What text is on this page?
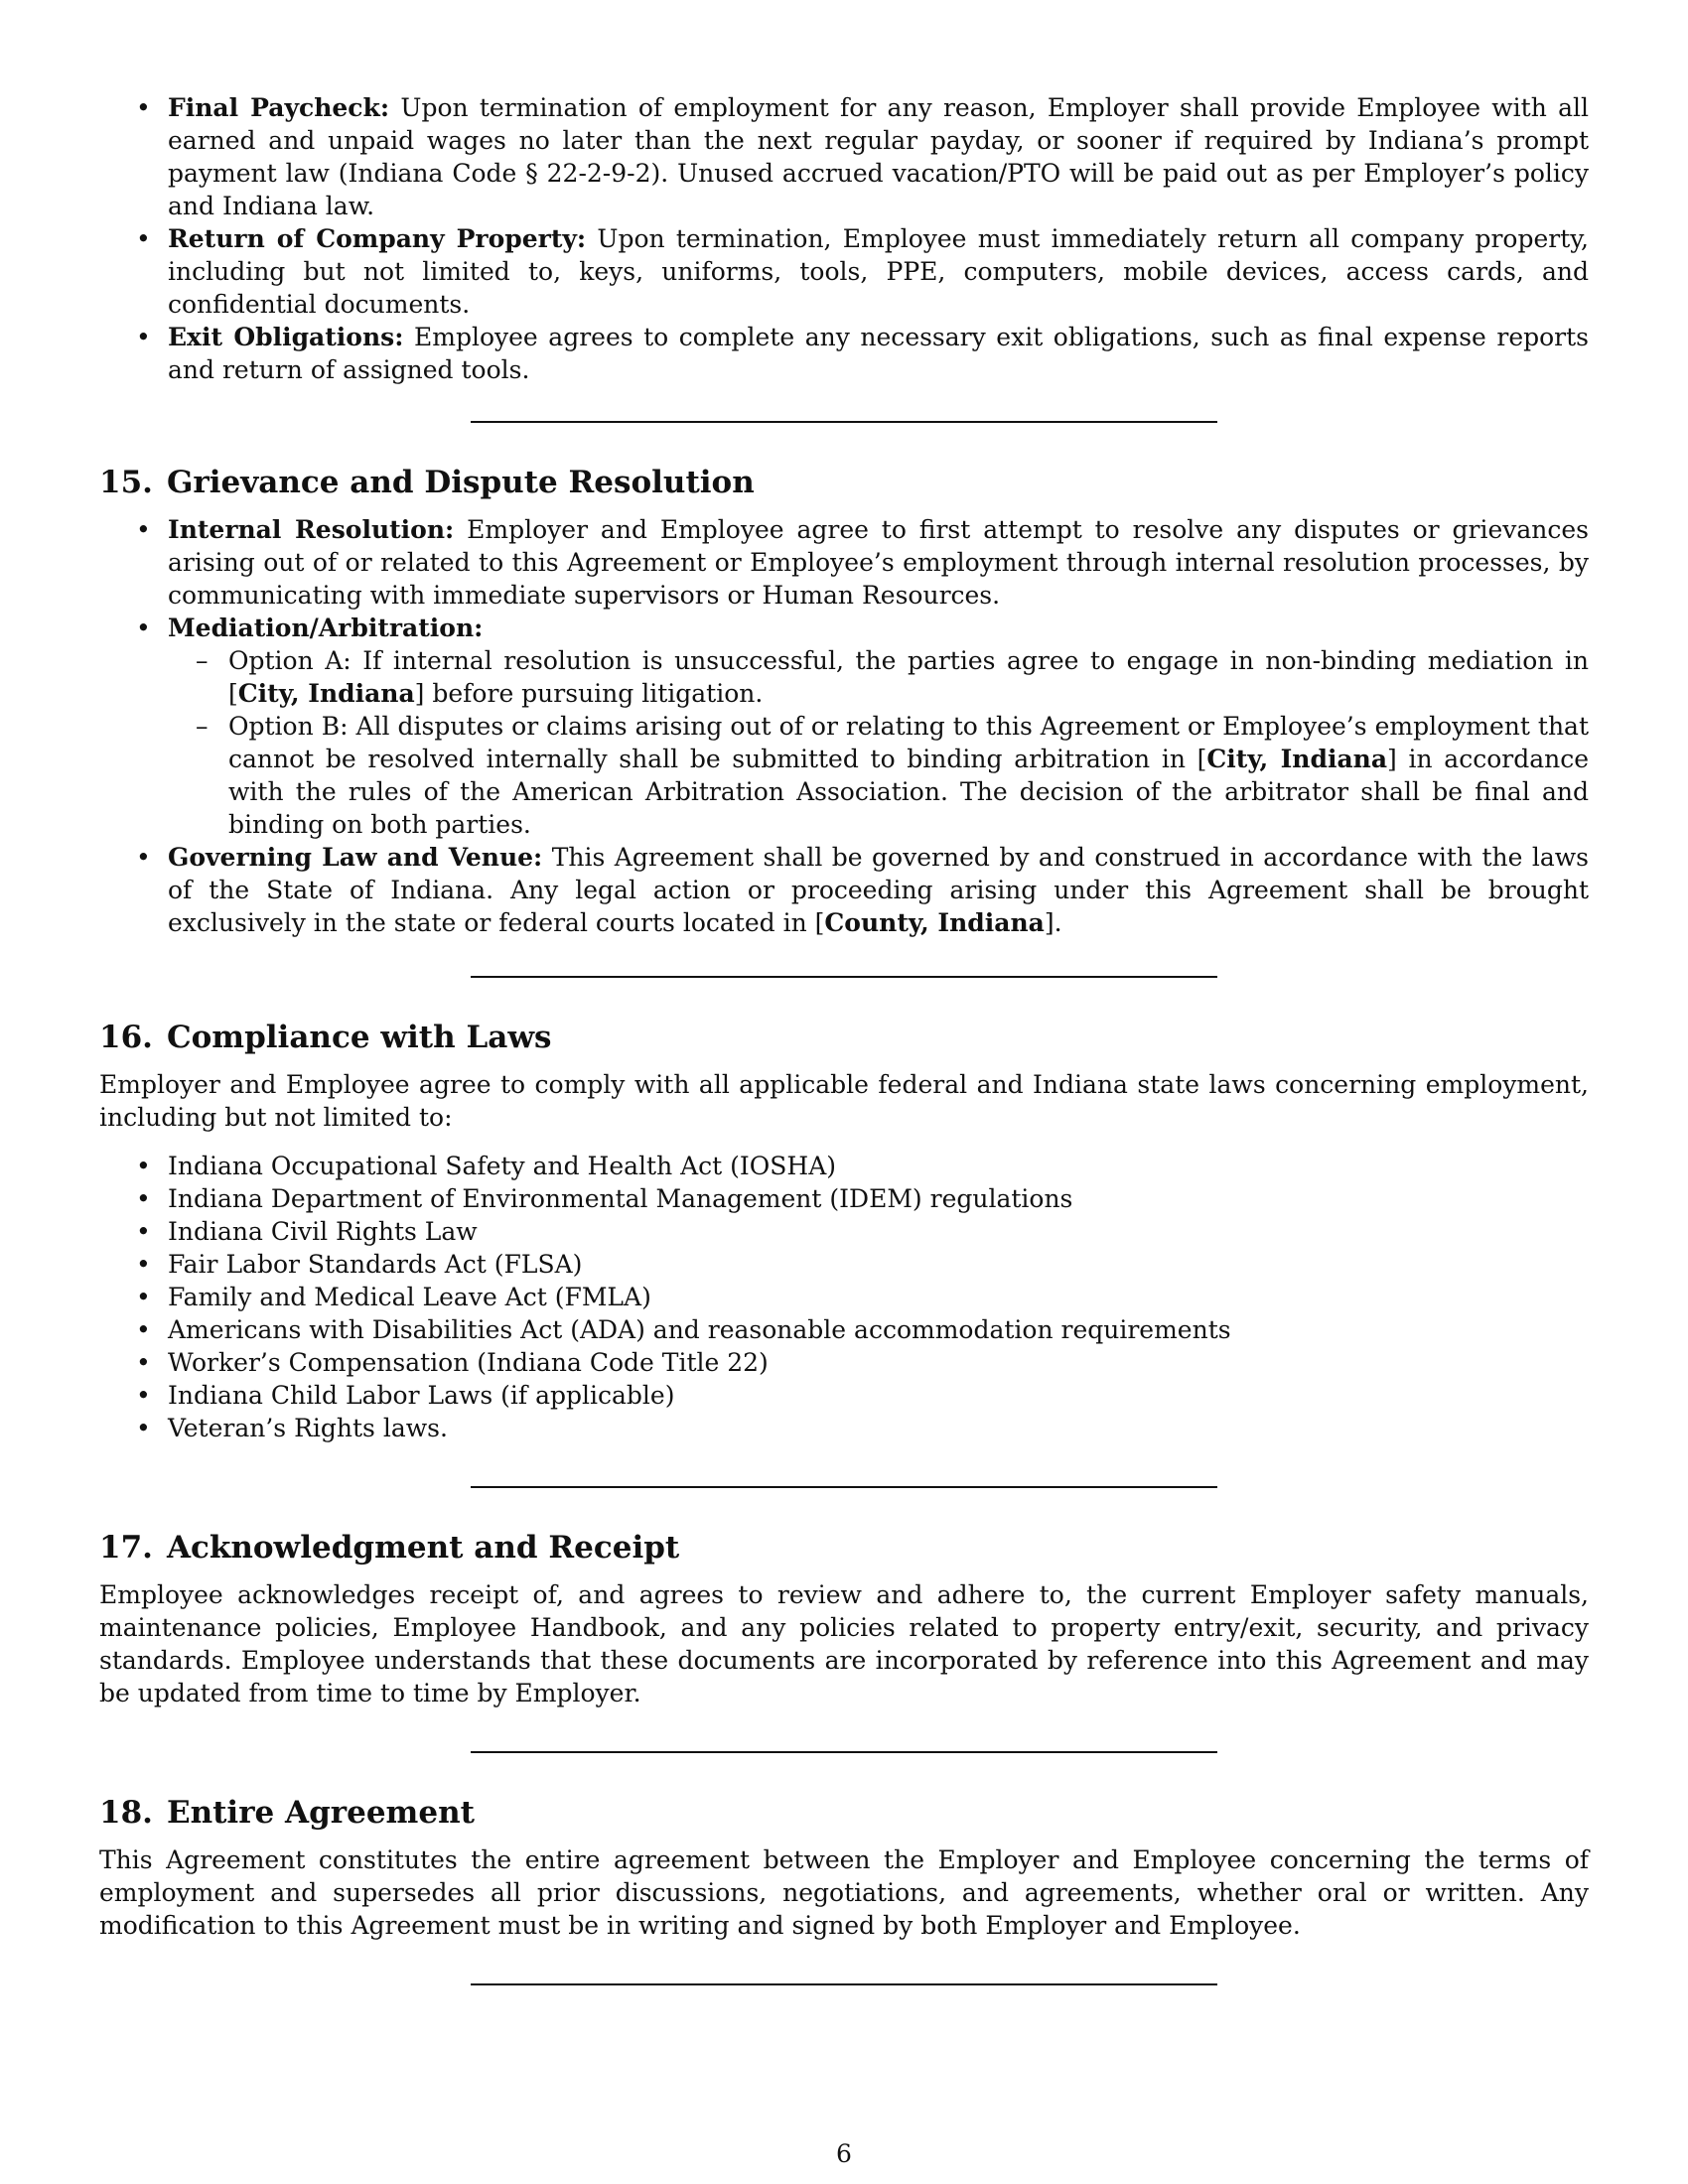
• Final Paycheck: Upon termination of employment for any reason, Employer shall provide Employee with all earned and unpaid wages no later than the next regular payday, or sooner if required by Indiana’s prompt payment law (Indiana Code § 22-2-9-2). Unused accrued vacation/PTO will be paid out as per Employer’s policy and Indiana law.
• Return of Company Property: Upon termination, Employee must immediately return all company property, including but not limited to, keys, uniforms, tools, PPE, computers, mobile devices, access cards, and confidential documents.
• Exit Obligations: Employee agrees to complete any necessary exit obligations, such as final expense reports and return of assigned tools.
15. Grievance and Dispute Resolution
• Internal Resolution: Employer and Employee agree to first attempt to resolve any disputes or grievances arising out of or related to this Agreement or Employee’s employment through internal resolution processes, by communicating with immediate supervisors or Human Resources.
• Mediation/Arbitration:
– Option A: If internal resolution is unsuccessful, the parties agree to engage in non-binding mediation in [City, Indiana] before pursuing litigation.
– Option B: All disputes or claims arising out of or relating to this Agreement or Employee’s employment that cannot be resolved internally shall be submitted to binding arbitration in [City, Indiana] in accordance with the rules of the American Arbitration Association. The decision of the arbitrator shall be final and binding on both parties.
• Governing Law and Venue: This Agreement shall be governed by and construed in accordance with the laws of the State of Indiana. Any legal action or proceeding arising under this Agreement shall be brought exclusively in the state or federal courts located in [County, Indiana].
16. Compliance with Laws

Employer and Employee agree to comply with all applicable federal and Indiana state laws concerning employment, including but not limited to:

• Indiana Occupational Safety and Health Act (IOSHA)
• Indiana Department of Environmental Management (IDEM) regulations
• Indiana Civil Rights Law
• Fair Labor Standards Act (FLSA)
• Family and Medical Leave Act (FMLA)
• Americans with Disabilities Act (ADA) and reasonable accommodation requirements
• Worker’s Compensation (Indiana Code Title 22)
• Indiana Child Labor Laws (if applicable)
• Veteran’s Rights laws.
17. Acknowledgment and Receipt

Employee acknowledges receipt of, and agrees to review and adhere to, the current Employer safety manuals, maintenance policies, Employee Handbook, and any policies related to property entry/exit, security, and privacy standards. Employee understands that these documents are incorporated by reference into this Agreement and may be updated from time to time by Employer.

18. Entire Agreement

This Agreement constitutes the entire agreement between the Employer and Employee concerning the terms of employment and supersedes all prior discussions, negotiations, and agreements, whether oral or written. Any modification to this Agreement must be in writing and signed by both Employer and Employee.

6
